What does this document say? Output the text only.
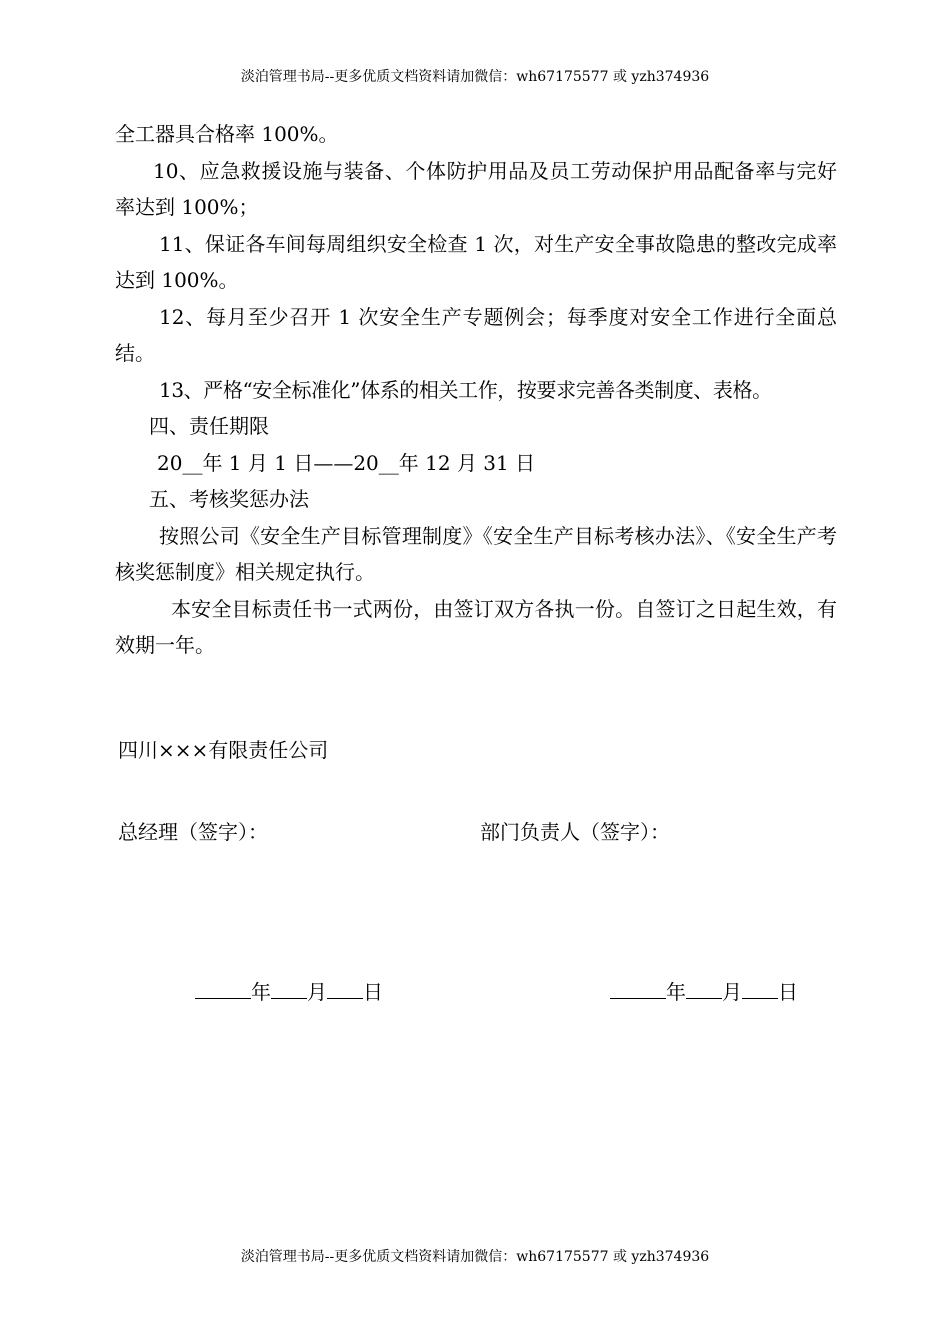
淡泊管理书局--更多优质文档资料请加微信：wh67175577 或 yzh374936

全工器具合格率 100%。

10、应急救援设施与装备、个体防护用品及员工劳动保护用品配备率与完好率达到 100%；

11、保证各车间每周组织安全检查 1 次，对生产安全事故隐患的整改完成率达到 100%。

12、每月至少召开 1 次安全生产专题例会；每季度对安全工作进行全面总结。

13、严格“安全标准化”体系的相关工作，按要求完善各类制度、表格。

四、责任期限

20__年 1 月 1 日——20__年 12 月 31 日

五、考核奖惩办法

按照公司《安全生产目标管理制度》《安全生产目标考核办法》、《安全生产考核奖惩制度》相关规定执行。

本安全目标责任书一式两份，由签订双方各执一份。自签订之日起生效，有效期一年。

四川×××有限责任公司
总经理（签字）：	部门负责人（签字）：
年 月 日	年 月 日
淡泊管理书局--更多优质文档资料请加微信：wh67175577 或 yzh374936
